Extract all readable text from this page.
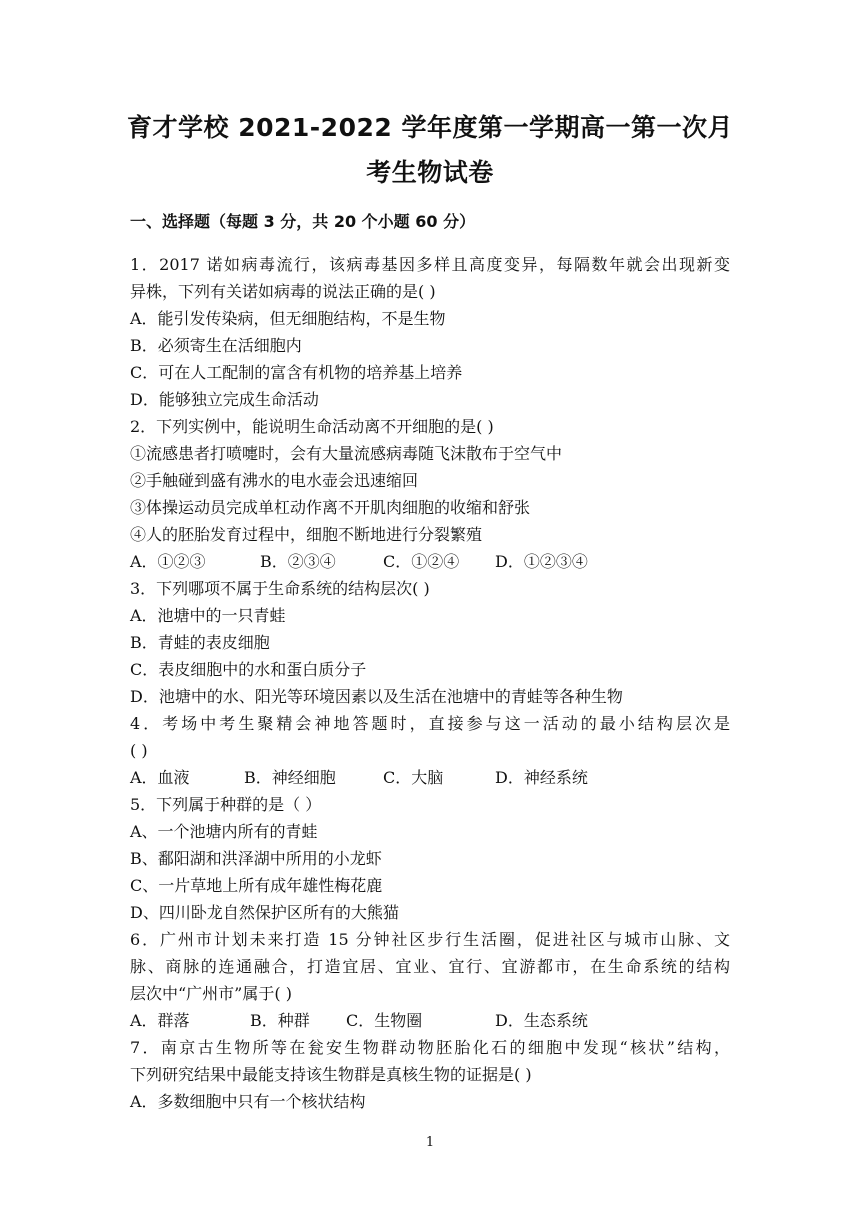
育才学校 2021-2022 学年度第一学期高一第一次月
考生物试卷
一、选择题（每题 3 分，共 20 个小题 60 分）
1．2017 诺如病毒流行，该病毒基因多样且高度变异，每隔数年就会出现新变
异株，下列有关诺如病毒的说法正确的是( )
A．能引发传染病，但无细胞结构，不是生物
B．必须寄生在活细胞内
C．可在人工配制的富含有机物的培养基上培养
D．能够独立完成生命活动
2．下列实例中，能说明生命活动离不开细胞的是( )
①流感患者打喷嚏时，会有大量流感病毒随飞沫散布于空气中
②手触碰到盛有沸水的电水壶会迅速缩回
③体操运动员完成单杠动作离不开肌肉细胞的收缩和舒张
④人的胚胎发育过程中，细胞不断地进行分裂繁殖
A．①②③	B．②③④	C．①②④ D．①②③④
3．下列哪项不属于生命系统的结构层次( )
A．池塘中的一只青蛙
B．青蛙的表皮细胞
C．表皮细胞中的水和蛋白质分子
D．池塘中的水、阳光等环境因素以及生活在池塘中的青蛙等各种生物
4．考场中考生聚精会神地答题时，直接参与这一活动的最小结构层次是
( )
A．血液	B．神经细胞	C．大脑	D．神经系统
5．下列属于种群的是（ ）
A、一个池塘内所有的青蛙
B、鄱阳湖和洪泽湖中所用的小龙虾
C、一片草地上所有成年雄性梅花鹿
D、四川卧龙自然保护区所有的大熊猫
6．广州市计划未来打造 15 分钟社区步行生活圈，促进社区与城市山脉、文
脉、商脉的连通融合，打造宜居、宜业、宜行、宜游都市，在生命系统的结构
层次中“广州市”属于( )
A．群落	B．种群 C．生物圈	D．生态系统
7．南京古生物所等在瓮安生物群动物胚胎化石的细胞中发现“核状”结构，
下列研究结果中最能支持该生物群是真核生物的证据是( )
A．多数细胞中只有一个核状结构
1
